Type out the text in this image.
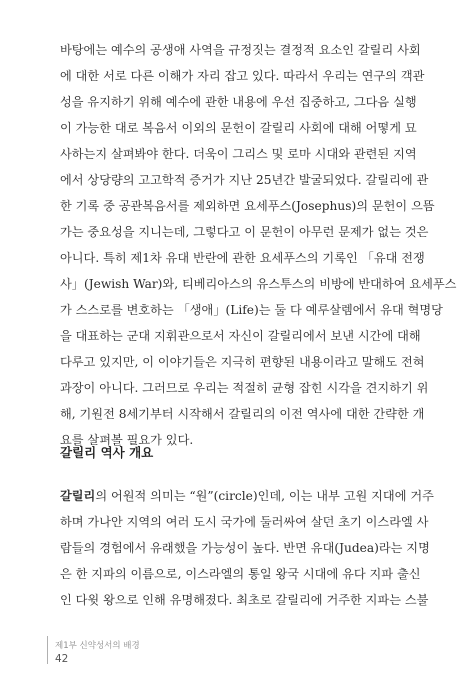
바탕에는 예수의 공생애 사역을 규정짓는 결정적 요소인 갈릴리 사회
에 대한 서로 다른 이해가 자리 잡고 있다. 따라서 우리는 연구의 객관
성을 유지하기 위해 예수에 관한 내용에 우선 집중하고, 그다음 실행
이 가능한 대로 복음서 이외의 문헌이 갈릴리 사회에 대해 어떻게 묘
사하는지 살펴봐야 한다. 더욱이 그리스 및 로마 시대와 관련된 지역
에서 상당량의 고고학적 증거가 지난 25년간 발굴되었다. 갈릴리에 관
한 기록 중 공관복음서를 제외하면 요세푸스(Josephus)의 문헌이 으뜸
가는 중요성을 지니는데, 그렇다고 이 문헌이 아무런 문제가 없는 것은
아니다. 특히 제1차 유대 반란에 관한 요세푸스의 기록인 「유대 전쟁
사」(Jewish War)와, 티베리아스의 유스투스의 비방에 반대하여 요세푸스
가 스스로를 변호하는 「생애」(Life)는 둘 다 예루살렘에서 유대 혁명당
을 대표하는 군대 지휘관으로서 자신이 갈릴리에서 보낸 시간에 대해
다루고 있지만, 이 이야기들은 지극히 편향된 내용이라고 말해도 전혀
과장이 아니다. 그러므로 우리는 적절히 균형 잡힌 시각을 견지하기 위
해, 기원전 8세기부터 시작해서 갈릴리의 이전 역사에 대한 간략한 개
요를 살펴볼 필요가 있다.
갈릴리 역사 개요
갈릴리의 어원적 의미는 “원”(circle)인데, 이는 내부 고원 지대에 거주
하며 가나안 지역의 여러 도시 국가에 둘러싸여 살던 초기 이스라엘 사
람들의 경험에서 유래했을 가능성이 높다. 반면 유대(Judea)라는 지명
은 한 지파의 이름으로, 이스라엘의 통일 왕국 시대에 유다 지파 출신
인 다윗 왕으로 인해 유명해졌다. 최초로 갈릴리에 거주한 지파는 스불
제1부 신약성서의 배경
42
